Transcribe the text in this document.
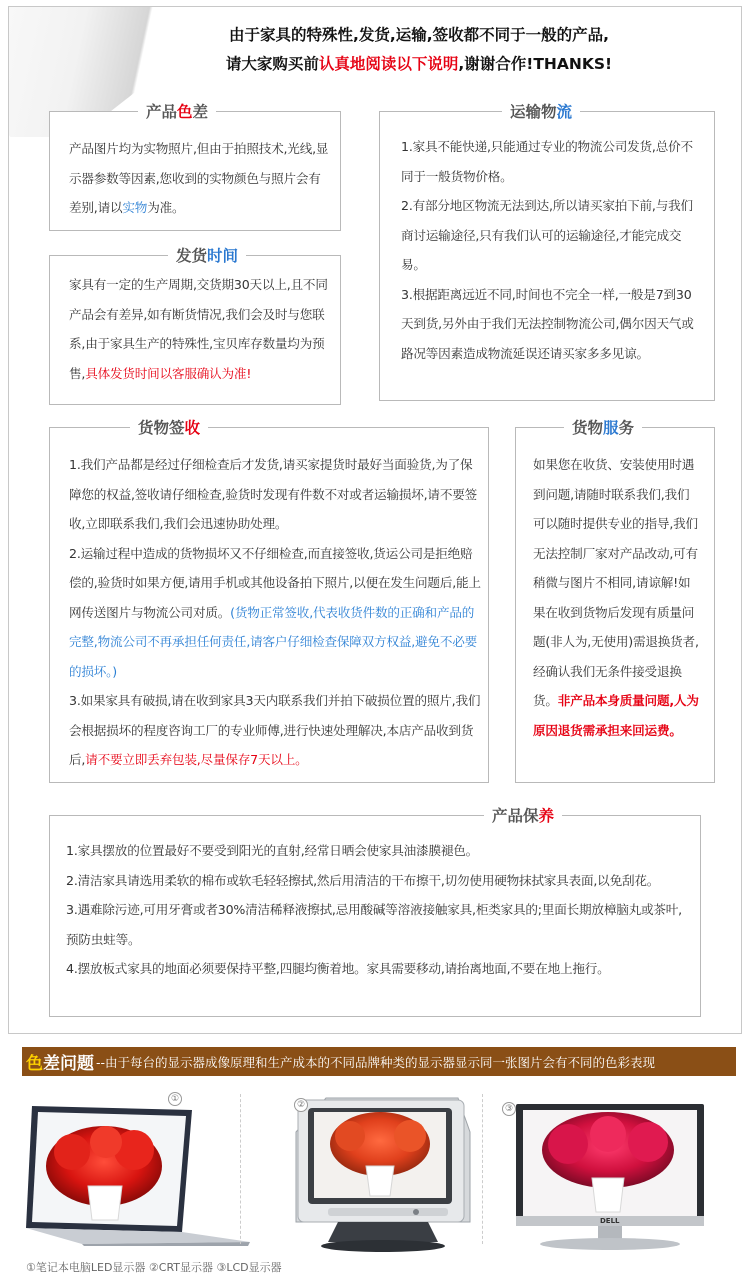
由于家具的特殊性,发货,运输,签收都不同于一般的产品,
请大家购买前认真地阅读以下说明,谢谢合作!THANKS!
产品色差

产品图片均为实物照片,但由于拍照技术,光线,显示器参数等因素,您收到的实物颜色与照片会有差别,请以实物为准。

发货时间

家具有一定的生产周期,交货期30天以上,且不同产品会有差异,如有断货情况,我们会及时与您联系,由于家具生产的特殊性,宝贝库存数量均为预售,具体发货时间以客服确认为准!

运输物流

1.家具不能快递,只能通过专业的物流公司发货,总价不同于一般货物价格。

2.有部分地区物流无法到达,所以请买家拍下前,与我们商讨运输途径,只有我们认可的运输途径,才能完成交易。

3.根据距离远近不同,时间也不完全一样,一般是7到30天到货,另外由于我们无法控制物流公司,偶尔因天气或路况等因素造成物流延误还请买家多多见谅。

货物签收

1.我们产品都是经过仔细检查后才发货,请买家提货时最好当面验货,为了保障您的权益,签收请仔细检查,验货时发现有件数不对或者运输损坏,请不要签收,立即联系我们,我们会迅速协助处理。

2.运输过程中造成的货物损坏又不仔细检查,而直接签收,货运公司是拒绝赔偿的,验货时如果方便,请用手机或其他设备拍下照片,以便在发生问题后,能上网传送图片与物流公司对质。(货物正常签收,代表收货件数的正确和产品的完整,物流公司不再承担任何责任,请客户仔细检查保障双方权益,避免不必要的损坏。)

3.如果家具有破损,请在收到家具3天内联系我们并拍下破损位置的照片,我们会根据损坏的程度咨询工厂的专业师傅,进行快速处理解决,本店产品收到货后,请不要立即丢弃包装,尽量保存7天以上。

货物服务

如果您在收货、安装使用时遇到问题,请随时联系我们,我们可以随时提供专业的指导,我们无法控制厂家对产品改动,可有稍微与图片不相同,请谅解!如果在收到货物后发现有质量问题(非人为,无使用)需退换货者,经确认我们无条件接受退换货。非产品本身质量问题,人为原因退货需承担来回运费。

产品保养

1.家具摆放的位置最好不要受到阳光的直射,经常日晒会使家具油漆膜褪色。

2.清洁家具请选用柔软的棉布或软毛轻轻擦拭,然后用清洁的干布擦干,切勿使用硬物抹拭家具表面,以免刮花。

3.遇难除污迹,可用牙膏或者30%清洁稀释液擦拭,忌用酸碱等溶液接触家具,柜类家具的;里面长期放樟脑丸或茶叶,预防虫蛀等。

4.摆放板式家具的地面必须要保持平整,四腿均衡着地。家具需要移动,请抬离地面,不要在地上拖行。

色差问题 --由于每台的显示器成像原理和生产成本的不同品牌种类的显示器显示同一张图片会有不同的色彩表现
①
②
DELL
③
①笔记本电脑LED显示器 ②CRT显示器 ③LCD显示器
